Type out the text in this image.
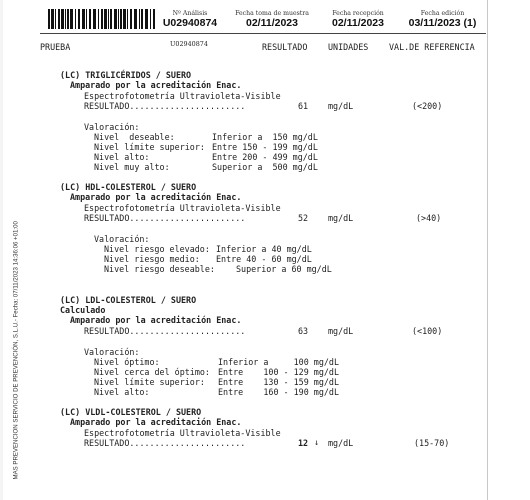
Nº Análisis
U02940874
Fecha toma de muestra
02/11/2023
Fecha recepción
02/11/2023
Fecha edición
03/11/2023 (1)
PRUEBA	U02940874	RESULTADO UNIDADES VAL.DE REFERENCIA
MAS PREVENCION SERVICIO DE PREVENCIÓN, S.L.U.- Fecha: 07/11/2023 14:36:06 +01:00
(LC) TRIGLICÉRIDOS / SUERO
Amparado por la acreditación Enac.
Espectrofotometría Ultravioleta-Visible
RESULTADO.......................	61 mg/dL	(<200)
Valoración:
Nivel  deseable:	Inferior a  150 mg/dL
Nivel límite superior: Entre 150 - 199 mg/dL
Nivel alto:	Entre 200 - 499 mg/dL
Nivel muy alto:	Superior a  500 mg/dL
(LC) HDL-COLESTEROL / SUERO
Amparado por la acreditación Enac.
Espectrofotometría Ultravioleta-Visible
RESULTADO.......................	52 mg/dL	(>40)
Valoración:
Nivel riesgo elevado: Inferior a 40 mg/dL
Nivel riesgo medio: Entre 40 - 60 mg/dL
Nivel riesgo deseable:	Superior a 60 mg/dL
(LC) LDL-COLESTEROL / SUERO
Calculado
Amparado por la acreditación Enac.
RESULTADO.......................	63 mg/dL	(<100)
Valoración:
Nivel óptimo:	Inferior a     100 mg/dL
Nivel cerca del óptimo: Entre    100 - 129 mg/dL
Nivel límite superior: Entre    130 - 159 mg/dL
Nivel alto:	Entre    160 - 190 mg/dL
(LC) VLDL-COLESTEROL / SUERO
Amparado por la acreditación Enac.
Espectrofotometría Ultravioleta-Visible
RESULTADO.......................	12 ↓ mg/dL	(15-70)
